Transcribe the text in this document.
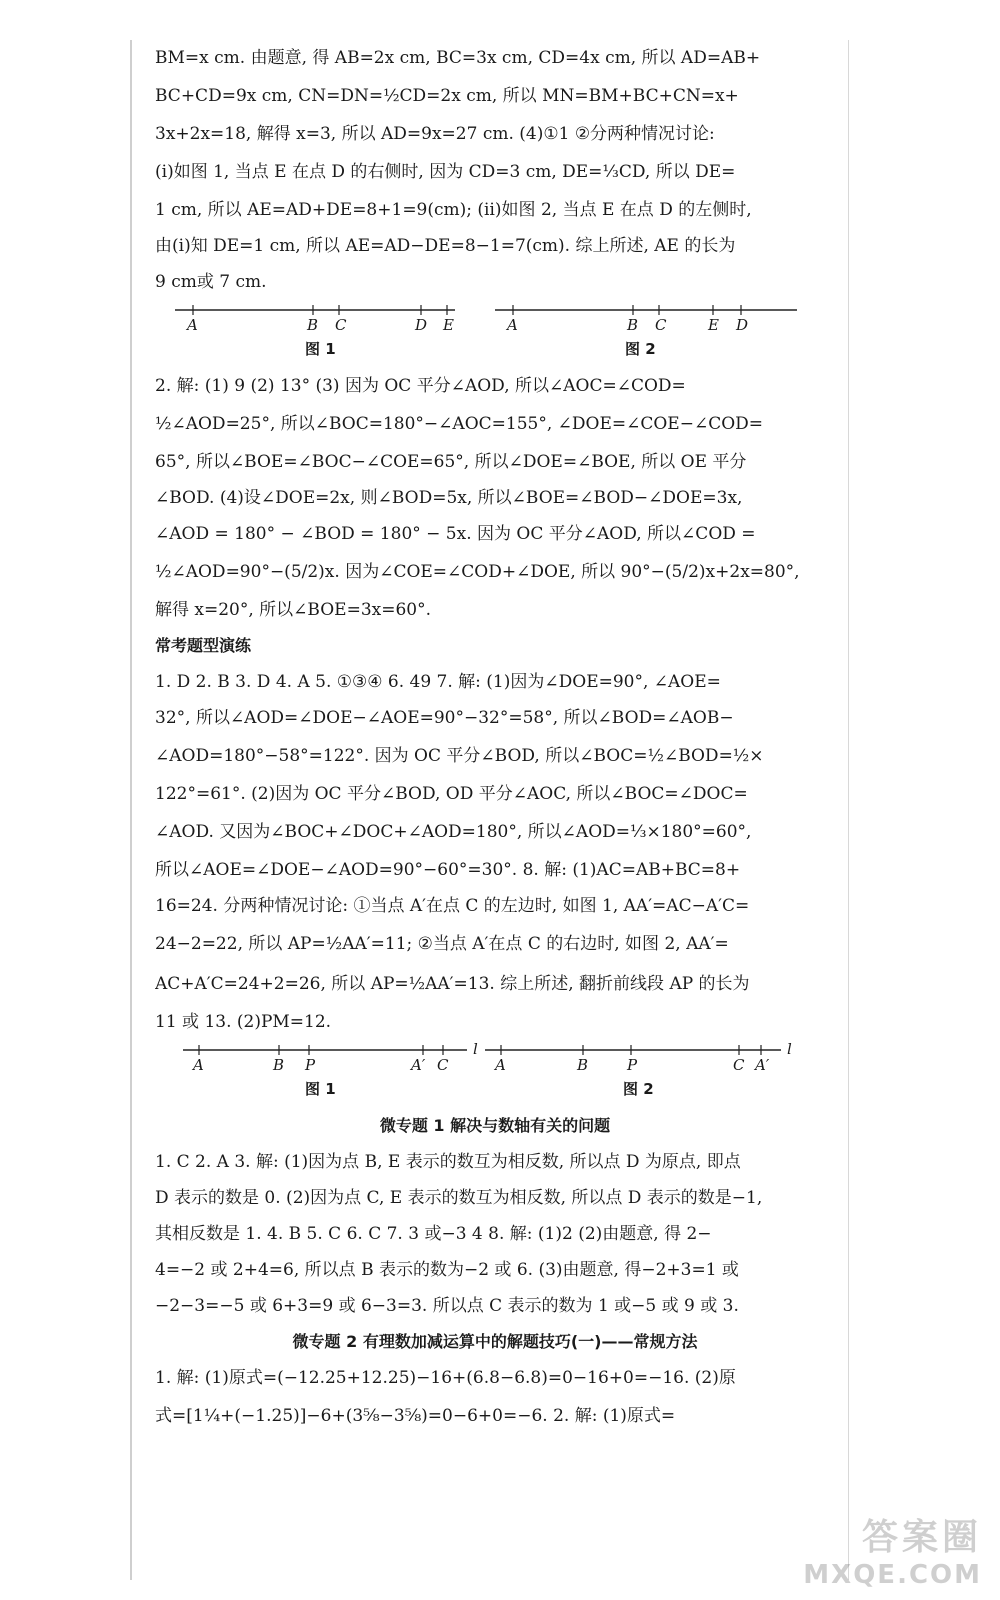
BM=x cm. 由题意, 得 AB=2x cm, BC=3x cm, CD=4x cm, 所以 AD=AB+
BC+CD=9x cm, CN=DN=½CD=2x cm, 所以 MN=BM+BC+CN=x+
3x+2x=18, 解得 x=3, 所以 AD=9x=27 cm. (4)①1 ②分两种情况讨论:
(ⅰ)如图 1, 当点 E 在点 D 的右侧时, 因为 CD=3 cm, DE=⅓CD, 所以 DE=
1 cm, 所以 AE=AD+DE=8+1=9(cm); (ⅱ)如图 2, 当点 E 在点 D 的左侧时,
由(ⅰ)知 DE=1 cm, 所以 AE=AD−DE=8−1=7(cm). 综上所述, AE 的长为
9 cm或 7 cm.
A	B C	D E
图 1
A	B C	E D
图 2
2. 解: (1) 9 (2) 13° (3) 因为 OC 平分∠AOD, 所以∠AOC=∠COD=
½∠AOD=25°, 所以∠BOC=180°−∠AOC=155°, ∠DOE=∠COE−∠COD=
65°, 所以∠BOE=∠BOC−∠COE=65°, 所以∠DOE=∠BOE, 所以 OE 平分
∠BOD. (4)设∠DOE=2x, 则∠BOD=5x, 所以∠BOE=∠BOD−∠DOE=3x,
∠AOD = 180° − ∠BOD = 180° − 5x. 因为 OC 平分∠AOD, 所以∠COD =
½∠AOD=90°−(5/2)x. 因为∠COE=∠COD+∠DOE, 所以 90°−(5/2)x+2x=80°,
解得 x=20°, 所以∠BOE=3x=60°.
常考题型演练
1. D 2. B 3. D 4. A 5. ①③④ 6. 49 7. 解: (1)因为∠DOE=90°, ∠AOE=
32°, 所以∠AOD=∠DOE−∠AOE=90°−32°=58°, 所以∠BOD=∠AOB−
∠AOD=180°−58°=122°. 因为 OC 平分∠BOD, 所以∠BOC=½∠BOD=½×
122°=61°. (2)因为 OC 平分∠BOD, OD 平分∠AOC, 所以∠BOC=∠DOC=
∠AOD. 又因为∠BOC+∠DOC+∠AOD=180°, 所以∠AOD=⅓×180°=60°,
所以∠AOE=∠DOE−∠AOD=90°−60°=30°. 8. 解: (1)AC=AB+BC=8+
16=24. 分两种情况讨论: ①当点 A′在点 C 的左边时, 如图 1, AA′=AC−A′C=
24−2=22, 所以 AP=½AA′=11; ②当点 A′在点 C 的右边时, 如图 2, AA′=
AC+A′C=24+2=26, 所以 AP=½AA′=13. 综上所述, 翻折前线段 AP 的长为
11 或 13. (2)PM=12.
A	B P	A′ C
l
图 1
A	B	P	C A′
l
图 2
微专题 1 解决与数轴有关的问题
1. C 2. A 3. 解: (1)因为点 B, E 表示的数互为相反数, 所以点 D 为原点, 即点
D 表示的数是 0. (2)因为点 C, E 表示的数互为相反数, 所以点 D 表示的数是−1,
其相反数是 1. 4. B 5. C 6. C 7. 3 或−3 4 8. 解: (1)2 (2)由题意, 得 2−
4=−2 或 2+4=6, 所以点 B 表示的数为−2 或 6. (3)由题意, 得−2+3=1 或
−2−3=−5 或 6+3=9 或 6−3=3. 所以点 C 表示的数为 1 或−5 或 9 或 3.
微专题 2 有理数加减运算中的解题技巧(一)——常规方法
1. 解: (1)原式=(−12.25+12.25)−16+(6.8−6.8)=0−16+0=−16. (2)原
式=[1¼+(−1.25)]−6+(3⅝−3⅝)=0−6+0=−6. 2. 解: (1)原式=
答案圈
MXQE.COM
